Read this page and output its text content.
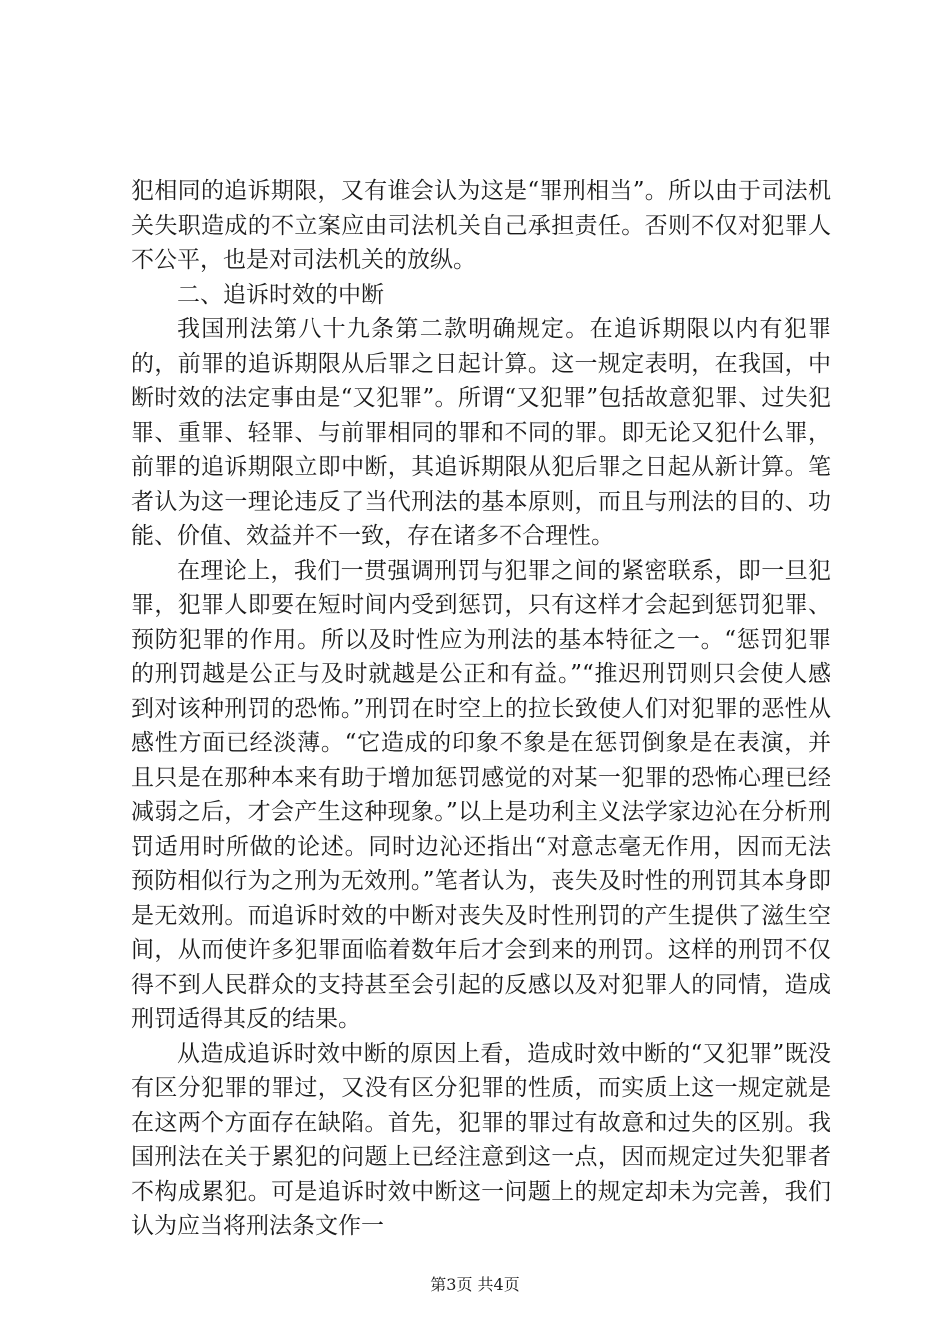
犯相同的追诉期限，又有谁会认为这是“罪刑相当”。所以由于司法机关失职造成的不立案应由司法机关自己承担责任。否则不仅对犯罪人不公平，也是对司法机关的放纵。

二、追诉时效的中断

我国刑法第八十九条第二款明确规定。在追诉期限以内有犯罪的，前罪的追诉期限从后罪之日起计算。这一规定表明，在我国，中断时效的法定事由是“又犯罪”。所谓“又犯罪”包括故意犯罪、过失犯罪、重罪、轻罪、与前罪相同的罪和不同的罪。即无论又犯什么罪，前罪的追诉期限立即中断，其追诉期限从犯后罪之日起从新计算。笔者认为这一理论违反了当代刑法的基本原则，而且与刑法的目的、功能、价值、效益并不一致，存在诸多不合理性。

在理论上，我们一贯强调刑罚与犯罪之间的紧密联系，即一旦犯罪，犯罪人即要在短时间内受到惩罚，只有这样才会起到惩罚犯罪、预防犯罪的作用。所以及时性应为刑法的基本特征之一。“惩罚犯罪的刑罚越是公正与及时就越是公正和有益。”“推迟刑罚则只会使人感到对该种刑罚的恐怖。”刑罚在时空上的拉长致使人们对犯罪的恶性从感性方面已经淡薄。“它造成的印象不象是在惩罚倒象是在表演，并且只是在那种本来有助于增加惩罚感觉的对某一犯罪的恐怖心理已经减弱之后，才会产生这种现象。”以上是功利主义法学家边沁在分析刑罚适用时所做的论述。同时边沁还指出“对意志毫无作用，因而无法预防相似行为之刑为无效刑。”笔者认为，丧失及时性的刑罚其本身即是无效刑。而追诉时效的中断对丧失及时性刑罚的产生提供了滋生空间，从而使许多犯罪面临着数年后才会到来的刑罚。这样的刑罚不仅得不到人民群众的支持甚至会引起的反感以及对犯罪人的同情，造成刑罚适得其反的结果。

从造成追诉时效中断的原因上看，造成时效中断的“又犯罪”既没有区分犯罪的罪过，又没有区分犯罪的性质，而实质上这一规定就是在这两个方面存在缺陷。首先，犯罪的罪过有故意和过失的区别。我国刑法在关于累犯的问题上已经注意到这一点，因而规定过失犯罪者不构成累犯。可是追诉时效中断这一问题上的规定却未为完善，我们认为应当将刑法条文作一

第3页 共4页
